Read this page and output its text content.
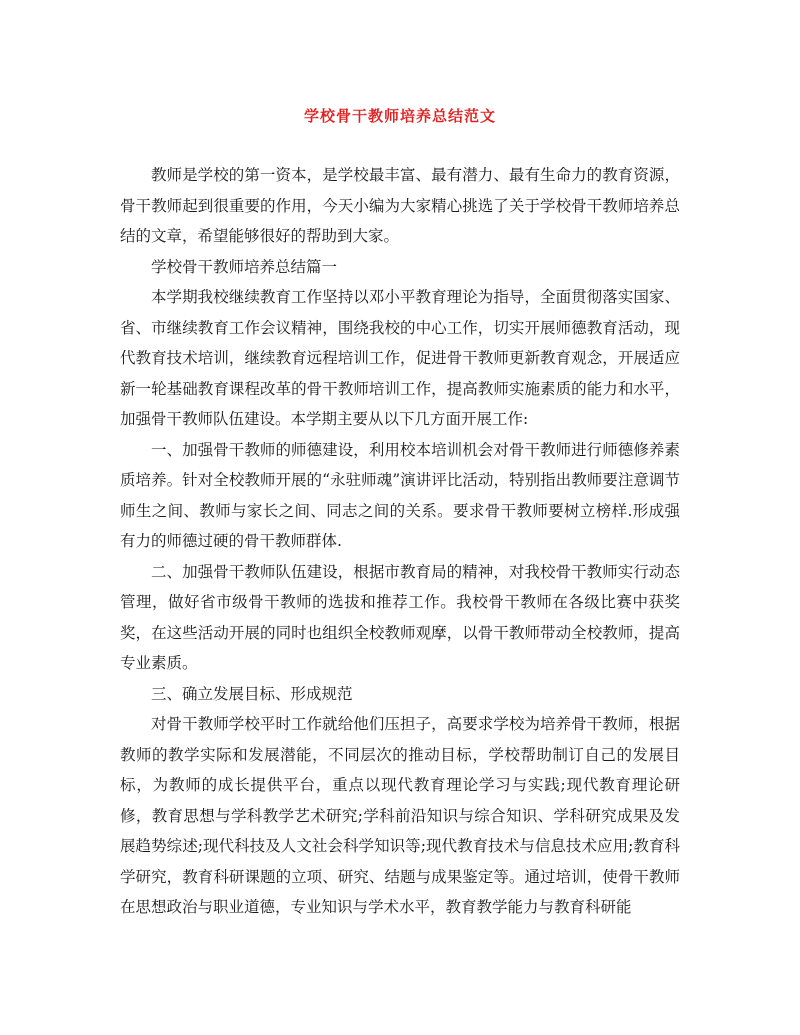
学校骨干教师培养总结范文

教师是学校的第一资本，是学校最丰富、最有潜力、最有生命力的教育资源，骨干教师起到很重要的作用，今天小编为大家精心挑选了关于学校骨干教师培养总结的文章，希望能够很好的帮助到大家。

学校骨干教师培养总结篇一

本学期我校继续教育工作坚持以邓小平教育理论为指导，全面贯彻落实国家、省、市继续教育工作会议精神，围绕我校的中心工作，切实开展师德教育活动，现代教育技术培训，继续教育远程培训工作，促进骨干教师更新教育观念，开展适应新一轮基础教育课程改革的骨干教师培训工作，提高教师实施素质的能力和水平，加强骨干教师队伍建设。本学期主要从以下几方面开展工作:

一、加强骨干教师的师德建设，利用校本培训机会对骨干教师进行师德修养素质培养。针对全校教师开展的“永驻师魂”演讲评比活动，特别指出教师要注意调节师生之间、教师与家长之间、同志之间的关系。要求骨干教师要树立榜样.形成强有力的师德过硬的骨干教师群体.

二、加强骨干教师队伍建设，根据市教育局的精神，对我校骨干教师实行动态管理，做好省市级骨干教师的选拔和推荐工作。我校骨干教师在各级比赛中获奖奖，在这些活动开展的同时也组织全校教师观摩，以骨干教师带动全校教师，提高专业素质。

三、确立发展目标、形成规范

对骨干教师学校平时工作就给他们压担子，高要求学校为培养骨干教师，根据教师的教学实际和发展潜能，不同层次的推动目标，学校帮助制订自己的发展目标，为教师的成长提供平台，重点以现代教育理论学习与实践;现代教育理论研修，教育思想与学科教学艺术研究;学科前沿知识与综合知识、学科研究成果及发展趋势综述;现代科技及人文社会科学知识等;现代教育技术与信息技术应用;教育科学研究，教育科研课题的立项、研究、结题与成果鉴定等。通过培训，使骨干教师在思想政治与职业道德，专业知识与学术水平，教育教学能力与教育科研能
